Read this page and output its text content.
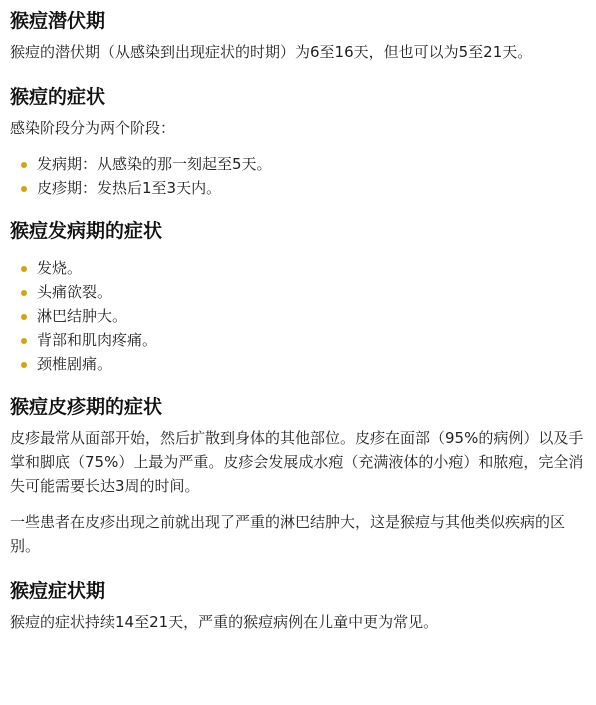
猴痘潜伏期

猴痘的潜伏期（从感染到出现症状的时期）为6至16天，但也可以为5至21天。

猴痘的症状

感染阶段分为两个阶段：

发病期：从感染的那一刻起至5天。
皮疹期：发热后1至3天内。
猴痘发病期的症状
发烧。
头痛欲裂。
淋巴结肿大。
背部和肌肉疼痛。
颈椎剧痛。
猴痘皮疹期的症状

皮疹最常从面部开始，然后扩散到身体的其他部位。皮疹在面部（95%的病例）以及手掌和脚底（75%）上最为严重。皮疹会发展成水疱（充满液体的小疱）和脓疱，完全消失可能需要长达3周的时间。

一些患者在皮疹出现之前就出现了严重的淋巴结肿大，这是猴痘与其他类似疾病的区别。

猴痘症状期

猴痘的症状持续14至21天，严重的猴痘病例在儿童中更为常见。
